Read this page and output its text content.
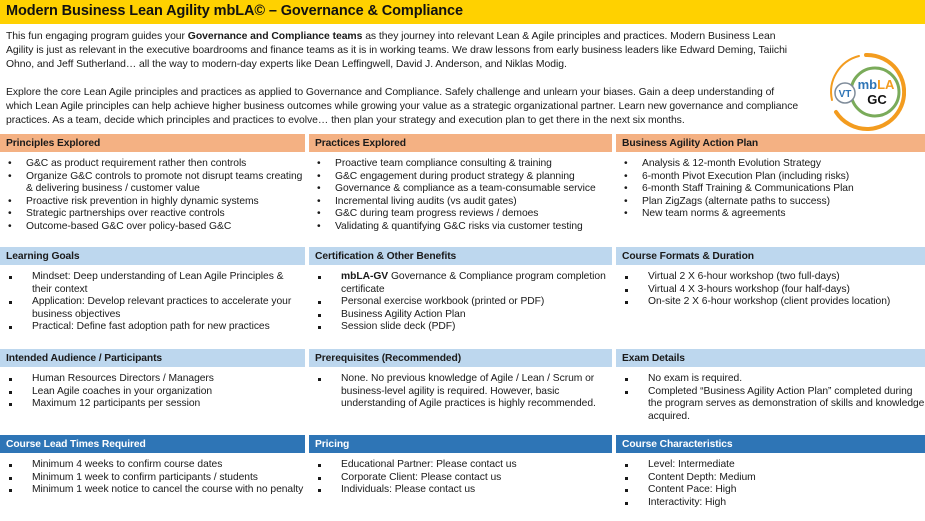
Modern Business Lean Agility mbLA© – Governance & Compliance

This fun engaging program guides your Governance and Compliance teams as they journey into relevant Lean & Agile principles and practices. Modern Business Lean Agility is just as relevant in the executive boardrooms and finance teams as it is in working teams. We draw lessons from early business leaders like Edward Deming, Taiichi Ohno, and Jeff Sutherland… all the way to modern-day experts like Dean Leffingwell, David J. Anderson, and Niklas Modig.

Explore the core Lean Agile principles and practices as applied to Governance and Compliance. Safely challenge and unlearn your biases. Gain a deep understanding of which Lean Agile principles can help achieve higher business outcomes while growing your value as a strategic organizational partner. Learn new governance and compliance practices. As a team, decide which principles and practices to evolve… then plan your strategy and execution plan to get there in the next six months.

VT
mbLA
GC
Principles Explored
• G&C as product requirement rather then controls
• Organize G&C controls to promote not disrupt teams creating & delivering business / customer value
• Proactive risk prevention in highly dynamic systems
• Strategic partnerships over reactive controls
• Outcome-based G&C over policy-based G&C
Practices Explored
• Proactive team compliance consulting & training
• G&C engagement during product strategy & planning
• Governance & compliance as a team-consumable service
• Incremental living audits (vs audit gates)
• G&C during team progress reviews / demoes
• Validating & quantifying G&C risks via customer testing
Business Agility Action Plan
• Analysis & 12-month Evolution Strategy
• 6-month Pivot Execution Plan (including risks)
• 6-month Staff Training & Communications Plan
• Plan ZigZags (alternate paths to success)
• New team norms & agreements
Learning Goals
Mindset: Deep understanding of Lean Agile Principles & their context
Application: Develop relevant practices to accelerate your business objectives
Practical: Define fast adoption path for new practices
Certification & Other Benefits
mbLA-GV Governance & Compliance program completion certificate
Personal exercise workbook (printed or PDF)
Business Agility Action Plan
Session slide deck (PDF)
Course Formats & Duration
Virtual 2 X 6-hour workshop (two full-days)
Virtual 4 X 3-hours workshop (four half-days)
On-site 2 X 6-hour workshop (client provides location)
Intended Audience / Participants
Human Resources Directors / Managers
Lean Agile coaches in your organization
Maximum 12 participants per session
Prerequisites (Recommended)
None. No previous knowledge of Agile / Lean / Scrum or business-level agility is required. However, basic understanding of Agile practices is highly recommended.
Exam Details
No exam is required.
Completed “Business Agility Action Plan” completed during the program serves as demonstration of skills and knowledge acquired.
Course Lead Times Required
Minimum 4 weeks to confirm course dates
Minimum 1 week to confirm participants / students
Minimum 1 week notice to cancel the course with no penalty
Pricing
Educational Partner: Please contact us
Corporate Client: Please contact us
Individuals: Please contact us
Course Characteristics
Level: Intermediate
Content Depth: Medium
Content Pace: High
Interactivity: High
